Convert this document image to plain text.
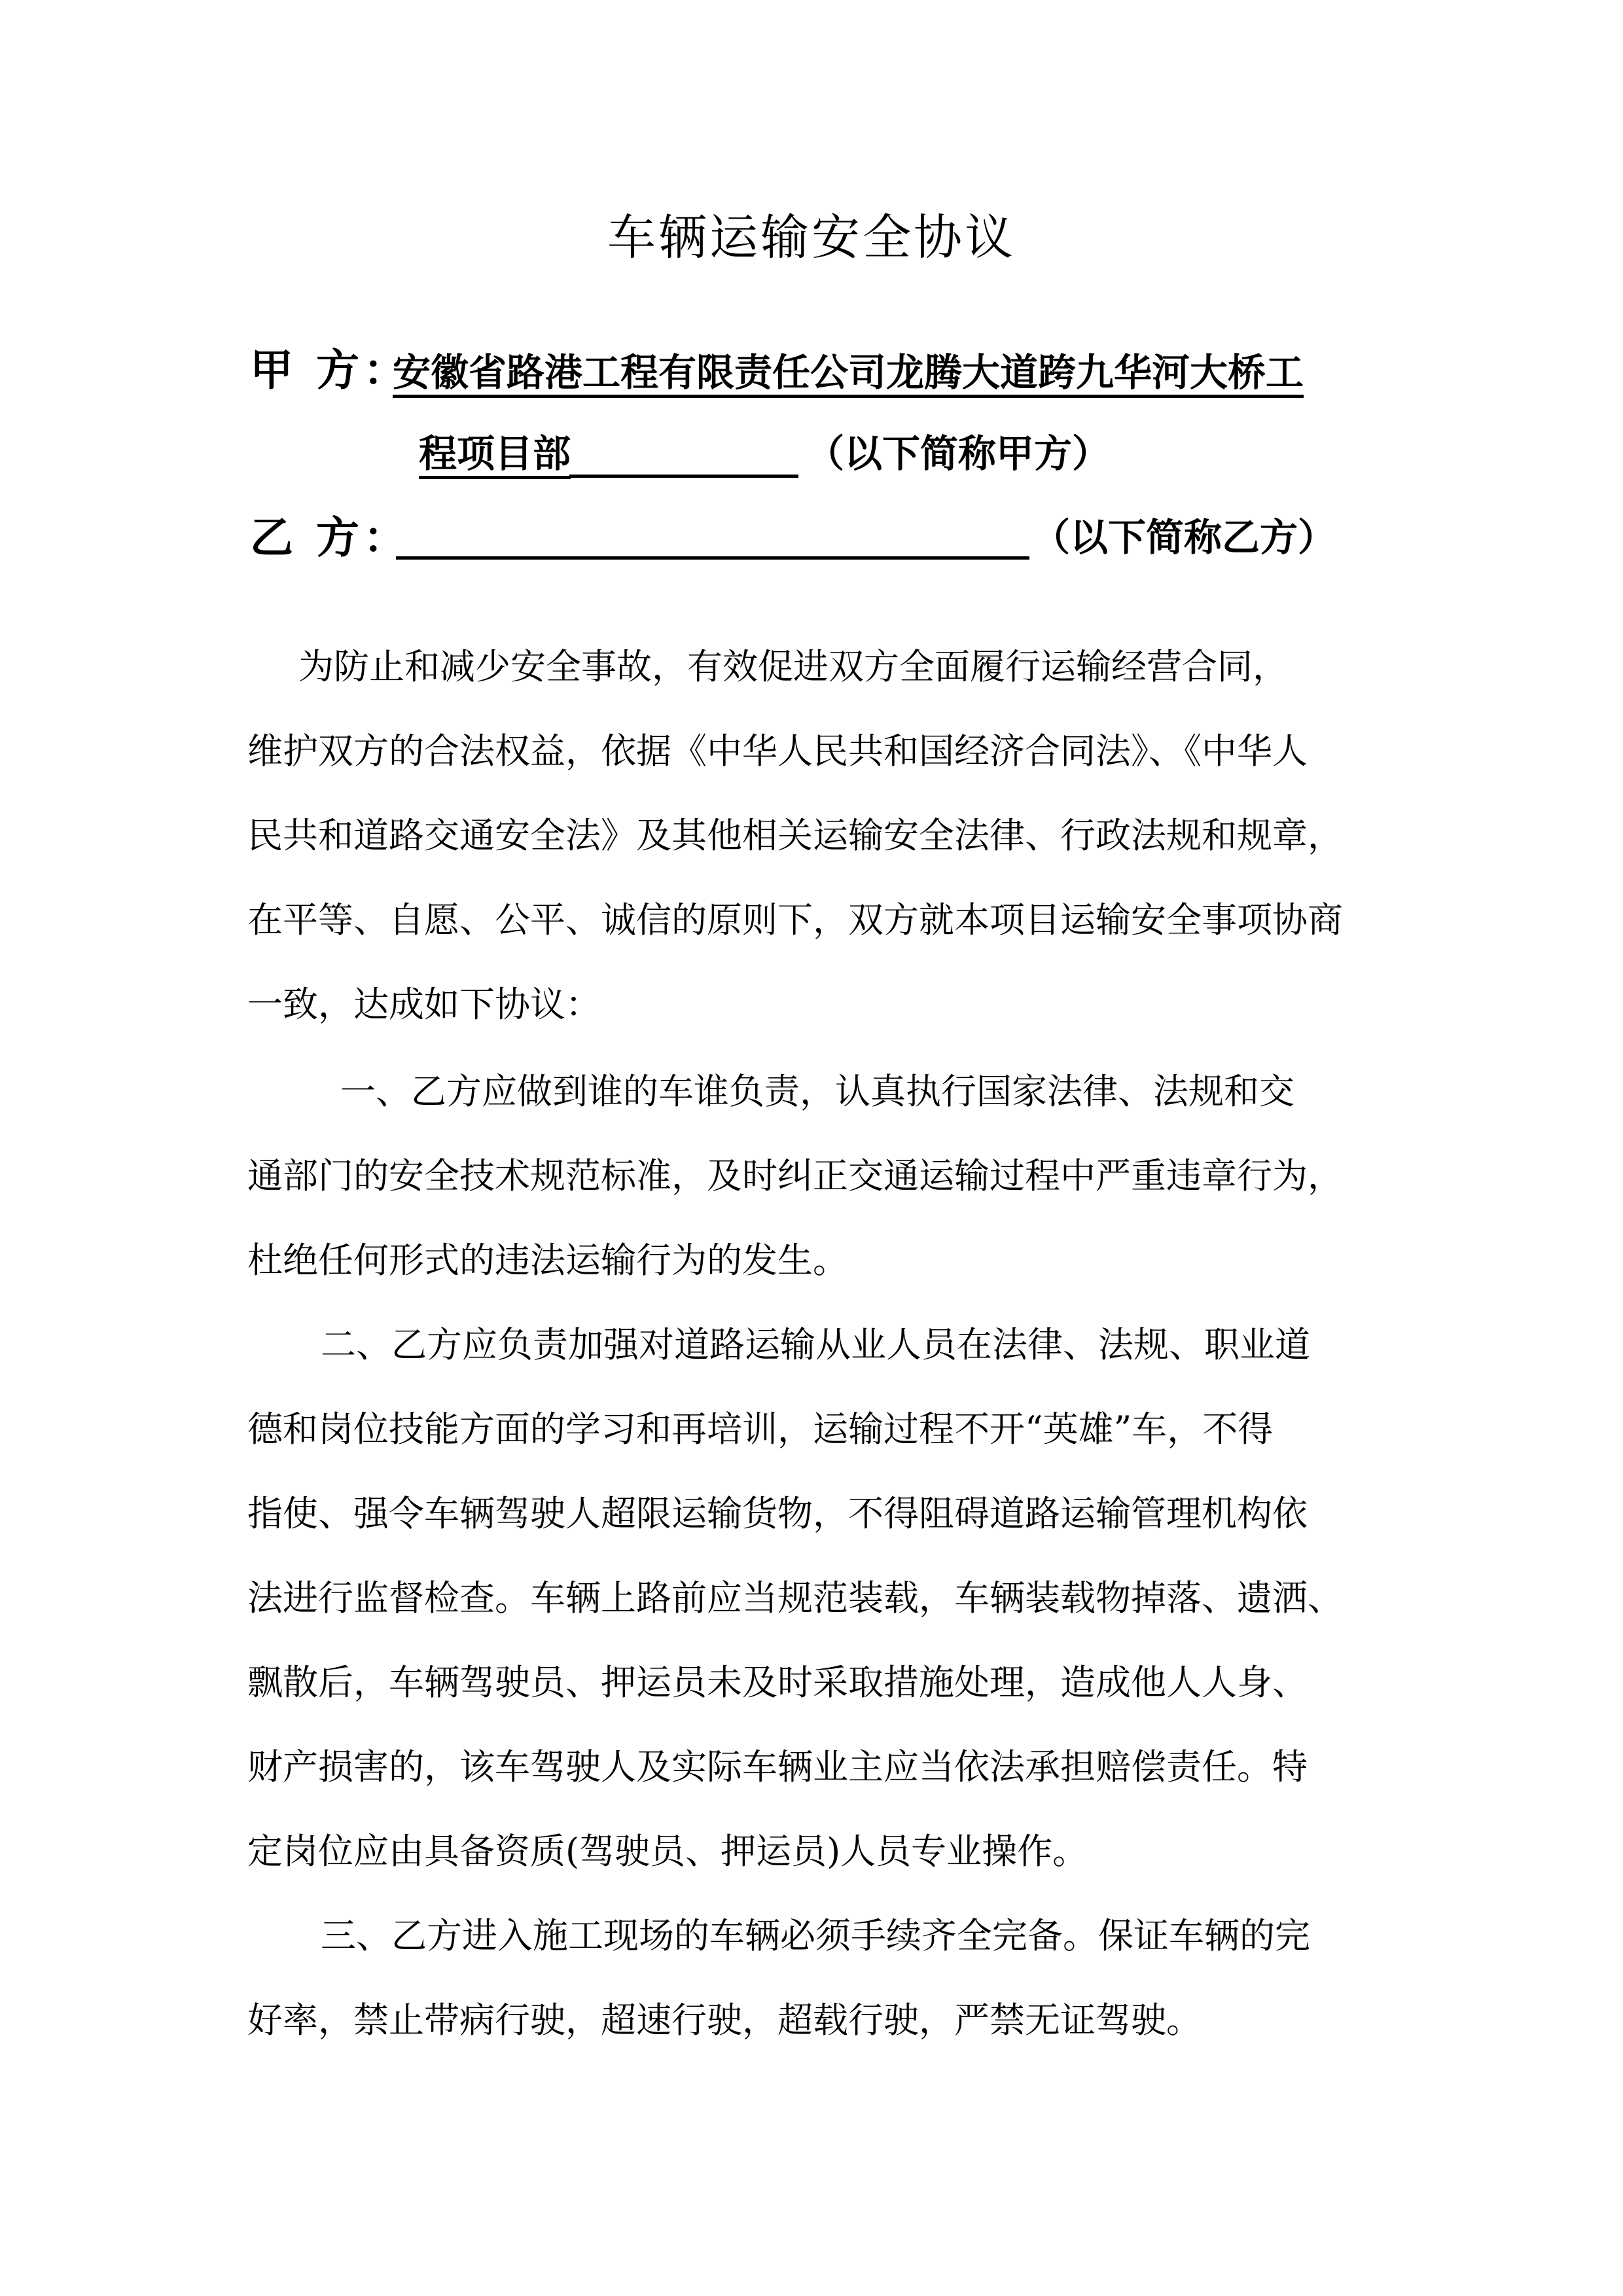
车辆运输安全协议
甲 方：
安徽省路港工程有限责任公司龙腾大道跨九华河大桥工
程项目部	（以下简称甲方）
乙 方：	（以下简称乙方）
为防止和减少安全事故，有效促进双方全面履行运输经营合同，
维护双方的合法权益，依据《中华人民共和国经济合同法》、《中华人
民共和道路交通安全法》及其他相关运输安全法律、行政法规和规章，
在平等、自愿、公平、诚信的原则下，双方就本项目运输安全事项协商
一致，达成如下协议：
一、乙方应做到谁的车谁负责，认真执行国家法律、法规和交
通部门的安全技术规范标准，及时纠正交通运输过程中严重违章行为，
杜绝任何形式的违法运输行为的发生。
二、乙方应负责加强对道路运输从业人员在法律、法规、职业道
德和岗位技能方面的学习和再培训，运输过程不开“英雄”车，不得
指使、强令车辆驾驶人超限运输货物，不得阻碍道路运输管理机构依
法进行监督检查。车辆上路前应当规范装载，车辆装载物掉落、遗洒、
飘散后，车辆驾驶员、押运员未及时采取措施处理，造成他人人身、
财产损害的，该车驾驶人及实际车辆业主应当依法承担赔偿责任。特
定岗位应由具备资质(驾驶员、押运员)人员专业操作。
三、乙方进入施工现场的车辆必须手续齐全完备。保证车辆的完
好率，禁止带病行驶，超速行驶，超载行驶，严禁无证驾驶。
